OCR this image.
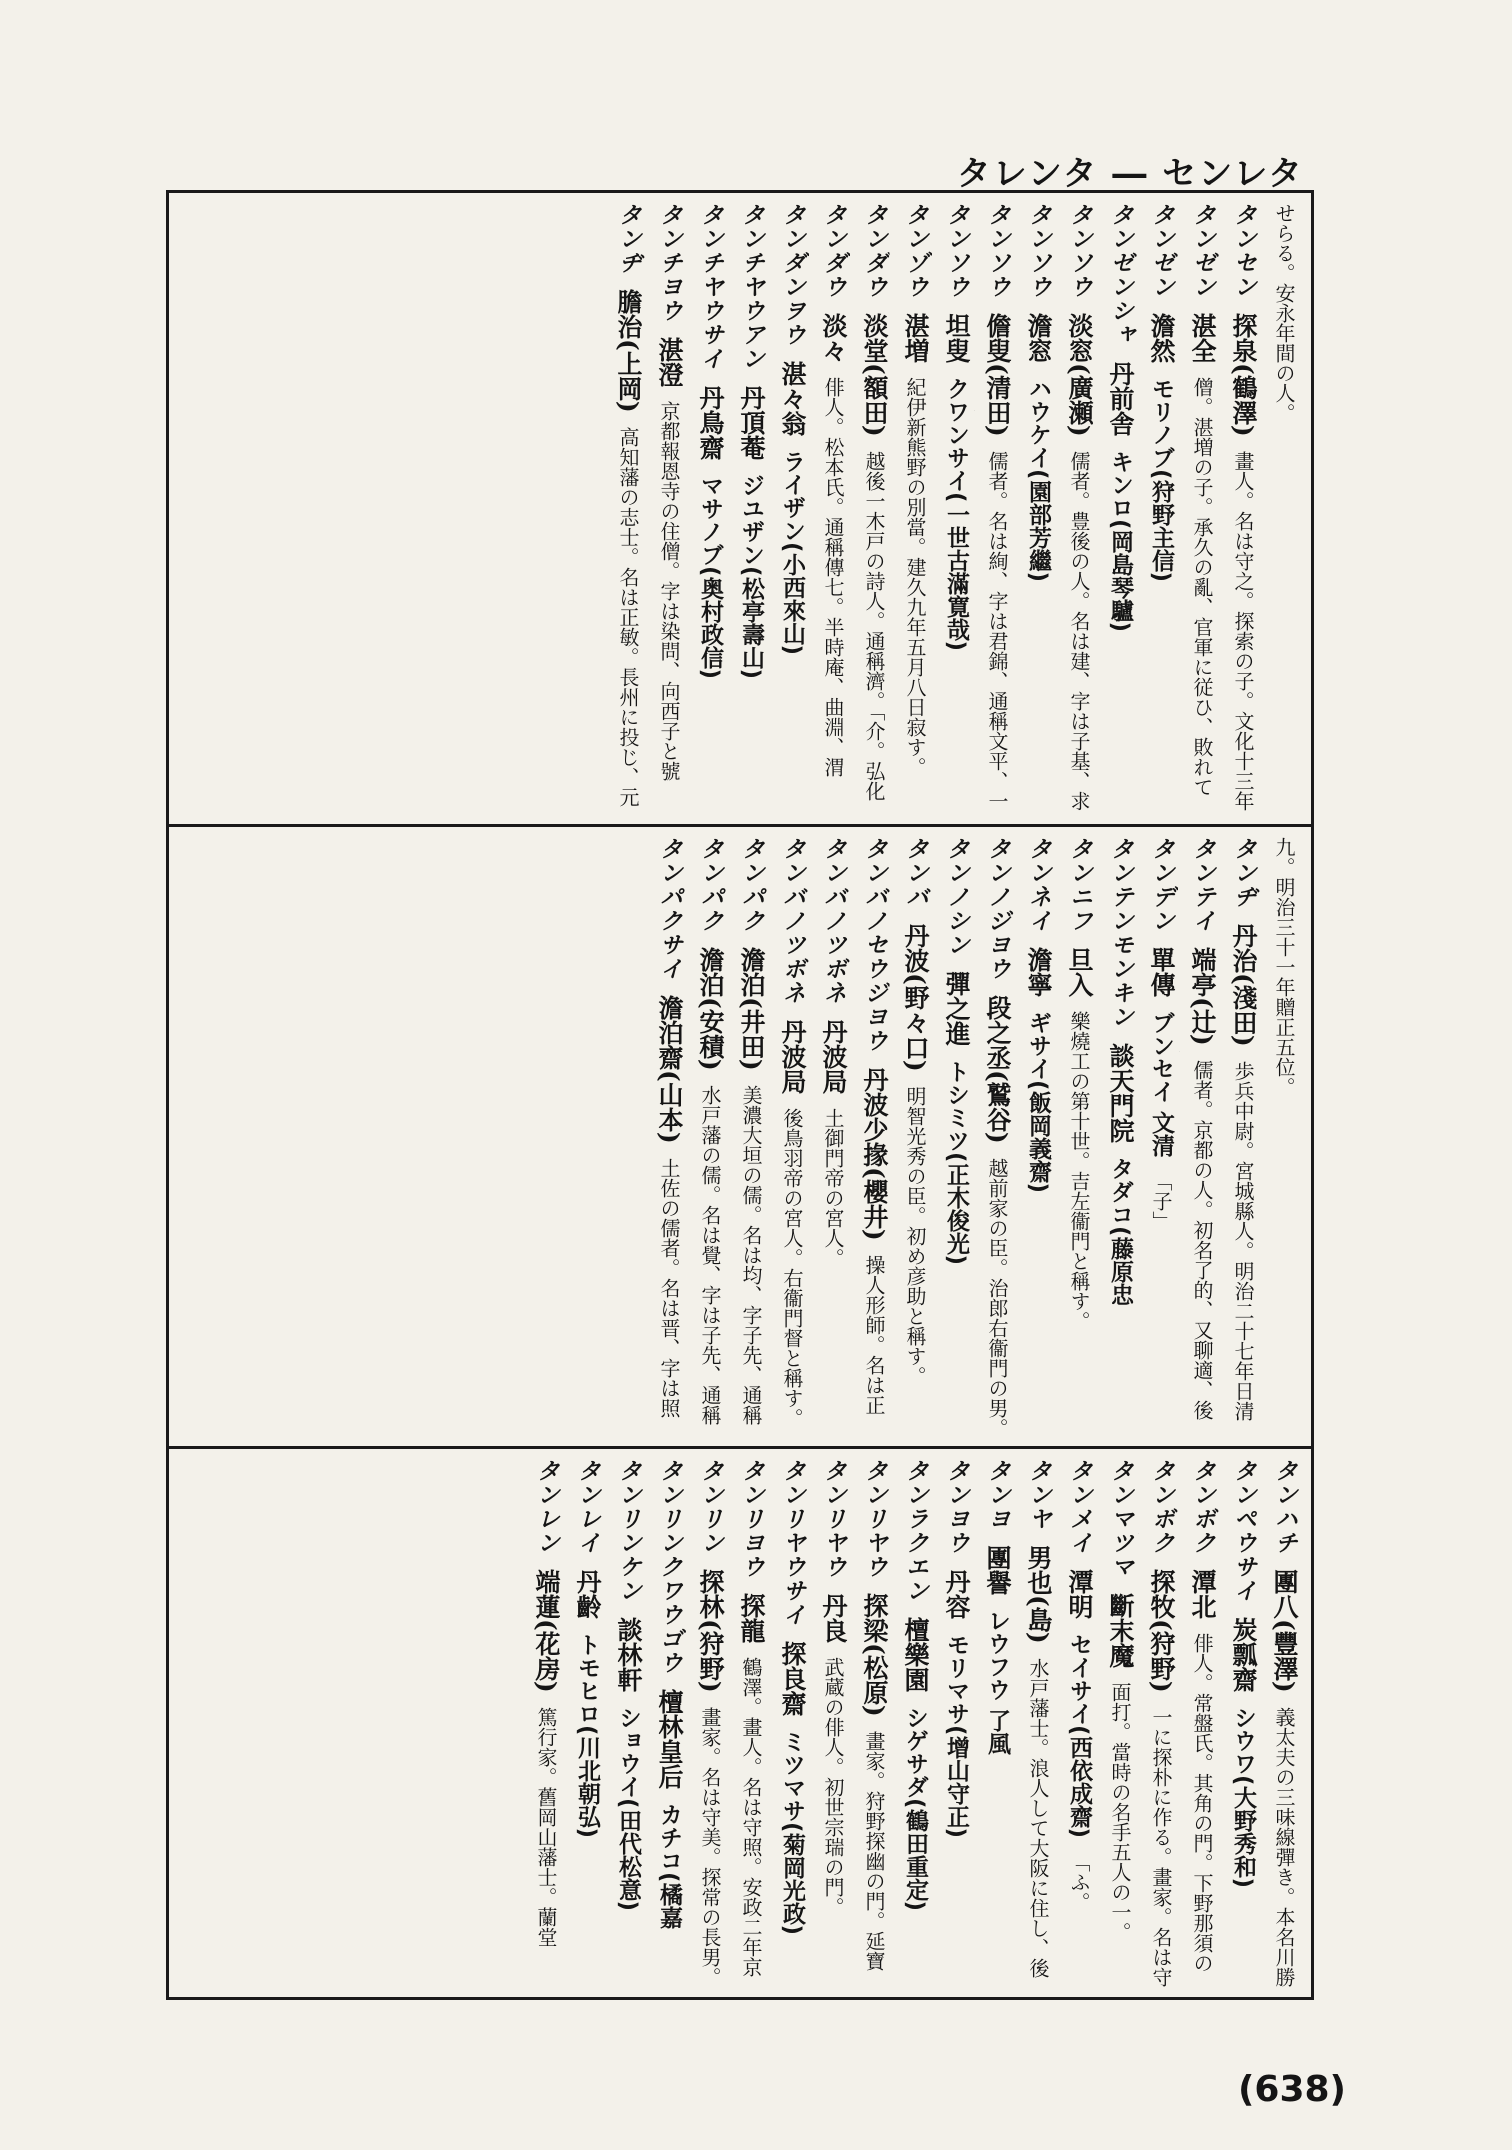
タレンタ ― センレタ
せらる。安永年間の人。
タンセン探泉(鶴澤)畫人。名は守之。探索の子。文化十三年
タンゼン湛全僧。湛増の子。承久の亂、官軍に従ひ、敗れて
タンゼン澹然モリノブ(狩野主信)
タンゼンシャ丹前舎キンロ(岡島琴驢)
タンソウ淡窓(廣瀬)儒者。豊後の人。名は建、字は子基、求
タンソウ澹窓ハウケイ(園部芳繼)
タンソウ儋叟(清田)儒者。名は絢、字は君錦、通稱文平、一
タンソウ坦叟クワンサイ(一世古滿寛哉)
タンゾウ湛増紀伊新熊野の別當。建久九年五月八日寂す。
タンダウ淡堂(額田)越後一木戸の詩人。通稱濟。「介。弘化
タンダウ淡々俳人。松本氏。通稱傳七。半時庵、曲淵、渭
タンダンヲウ湛々翁ライザン(小西來山)
タンチヤウアン丹頂菴ジユザン(松亭壽山)
タンチヤウサイ丹鳥齋マサノブ(奥村政信)
タンチヨウ湛澄京都報恩寺の住僧。字は染問、向西子と號
タンヂ膽治(上岡)高知藩の志士。名は正敏。長州に投じ、元
九。明治三十一年贈正五位。
タンヂ丹治(淺田)歩兵中尉。宮城縣人。明治二十七年日清
タンテイ端亭(辻)儒者。京都の人。初名了的、又聊適、後
タンデン單傳ブンセイ 文清「子」
タンテンモンキン談天門院タダコ(藤原忠
タンニフ旦入樂燒工の第十世。吉左衞門と稱す。
タンネイ澹寧ギサイ(飯岡義齋)
タンノジヨウ段之丞(鷲谷)越前家の臣。治郎右衞門の男。
タンノシン彈之進トシミツ(正木俊光)
タンバ丹波(野々口)明智光秀の臣。初め彦助と稱す。
タンバノセウジヨウ丹波少掾(櫻井)操人形師。名は正
タンバノツボネ丹波局土御門帝の宮人。
タンバノツボネ丹波局後鳥羽帝の宮人。右衞門督と稱す。
タンパク澹泊(井田)美濃大垣の儒。名は均、字子先、通稱
タンパク澹泊(安積)水戸藩の儒。名は覺、字は子先、通稱
タンパクサイ澹泊齋(山本)土佐の儒者。名は晋、字は照
タンハチ團八(豐澤)義太夫の三味線彈き。本名川勝
タンペウサイ炭瓢齋シウワ(大野秀和)
タンボク潭北俳人。常盤氏。其角の門。下野那須の
タンボク探牧(狩野)一に探朴に作る。畫家。名は守
タンマツマ斷末魔面打。當時の名手五人の一。
タンメイ潭明セイサイ(西依成齋)「ふ。
タンヤ男也(島)水戸藩士。浪人して大阪に住し、後
タンヨ團譽レウフウ 了風
タンヨウ丹容モリマサ(增山守正)
タンラクエン檀樂園シゲサダ(鶴田重定)
タンリヤウ探梁(松原)畫家。狩野探幽の門。延寶
タンリヤウ丹良武蔵の俳人。初世宗瑞の門。
タンリヤウサイ探良齋ミツマサ(菊岡光政)
タンリヨウ探龍鶴澤。畫人。名は守照。安政二年京
タンリン探林(狩野)畫家。名は守美。探常の長男。
タンリンクワウゴウ檀林皇后カチコ(橘嘉
タンリンケン談林軒ショウイ(田代松意)
タンレイ丹齡トモヒロ(川北朝弘)
タンレン端蓮(花房)篤行家。舊岡山藩士。蘭堂
(638)
